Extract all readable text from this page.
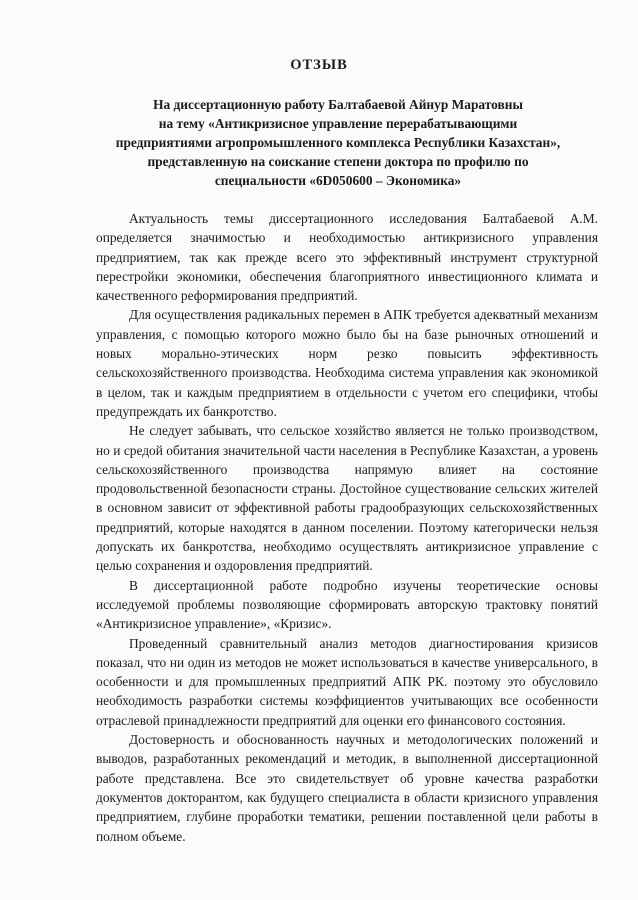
ОТЗЫВ
На диссертационную работу Балтабаевой Айнур Маратовны
на тему «Антикризисное управление перерабатывающими
предприятиями агропромышленного комплекса Республики Казахстан»,
представленную на соискание степени доктора по профилю по
специальности «6D050600 – Экономика»

Актуальность темы диссертационного исследования Балтабаевой А.М. определяется значимостью и необходимостью антикризисного управления предприятием, так как прежде всего это эффективный инструмент структурной перестройки экономики, обеспечения благоприятного инвестиционного климата и качественного реформирования предприятий.

Для осуществления радикальных перемен в АПК требуется адекватный механизм управления, с помощью которого можно было бы на базе рыночных отношений и новых морально-этических норм резко повысить эффективность сельскохозяйственного производства. Необходима система управления как экономикой в целом, так и каждым предприятием в отдельности с учетом его специфики, чтобы предупреждать их банкротство.

Не следует забывать, что сельское хозяйство является не только производством, но и средой обитания значительной части населения в Республике Казахстан, а уровень сельскохозяйственного производства напрямую влияет на состояние продовольственной безопасности страны. Достойное существование сельских жителей в основном зависит от эффективной работы градообразующих сельскохозяйственных предприятий, которые находятся в данном поселении. Поэтому категорически нельзя допускать их банкротства, необходимо осуществлять антикризисное управление с целью сохранения и оздоровления предприятий.

В диссертационной работе подробно изучены теоретические основы исследуемой проблемы позволяющие сформировать авторскую трактовку понятий «Антикризисное управление», «Кризис».

Проведенный сравнительный анализ методов диагностирования кризисов показал, что ни один из методов не может использоваться в качестве универсального, в особенности и для промышленных предприятий АПК РК. поэтому это обусловило необходимость разработки системы коэффициентов учитывающих все особенности отраслевой принадлежности предприятий для оценки его финансового состояния.

Достоверность и обоснованность научных и методологических положений и выводов, разработанных рекомендаций и методик, в выполненной диссертационной работе представлена. Все это свидетельствует об уровне качества разработки документов докторантом, как будущего специалиста в области кризисного управления предприятием, глубине проработки тематики, решении поставленной цели работы в полном объеме.
